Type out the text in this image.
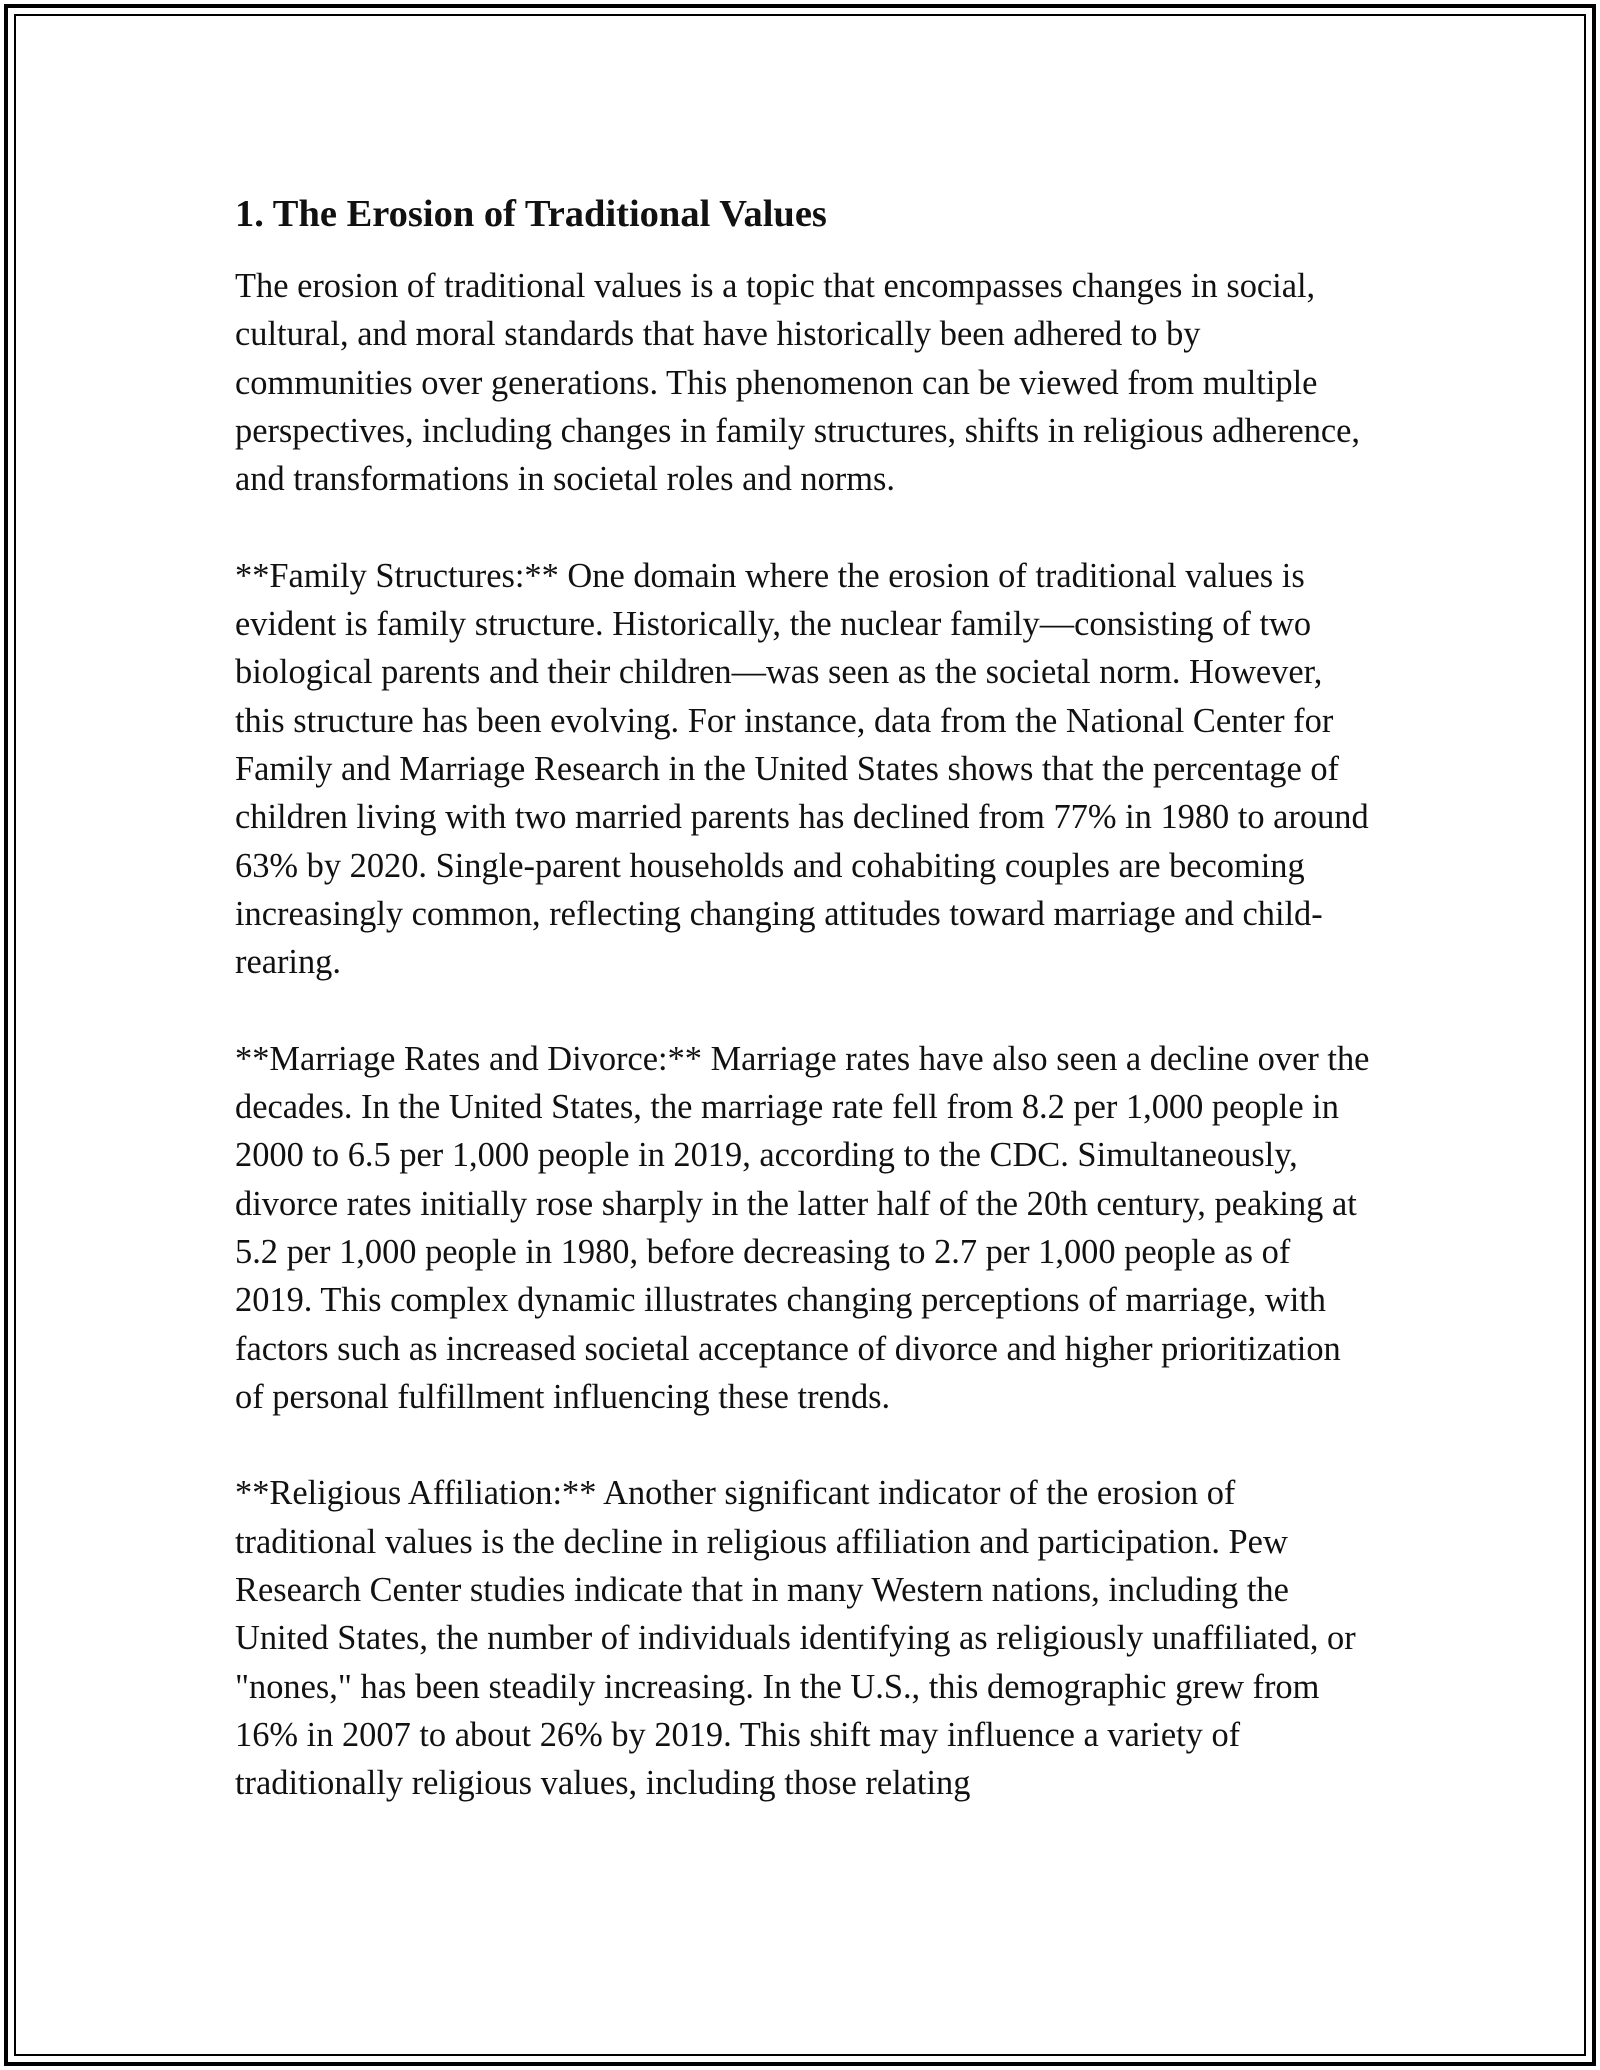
1. The Erosion of Traditional Values

The erosion of traditional values is a topic that encompasses changes in social, cultural, and moral standards that have historically been adhered to by communities over generations. This phenomenon can be viewed from multiple perspectives, including changes in family structures, shifts in religious adherence, and transformations in societal roles and norms.

**Family Structures:** One domain where the erosion of traditional values is evident is family structure. Historically, the nuclear family—consisting of two biological parents and their children—was seen as the societal norm. However, this structure has been evolving. For instance, data from the National Center for Family and Marriage Research in the United States shows that the percentage of children living with two married parents has declined from 77% in 1980 to around 63% by 2020. Single-parent households and cohabiting couples are becoming increasingly common, reflecting changing attitudes toward marriage and child-rearing.

**Marriage Rates and Divorce:** Marriage rates have also seen a decline over the decades. In the United States, the marriage rate fell from 8.2 per 1,000 people in 2000 to 6.5 per 1,000 people in 2019, according to the CDC. Simultaneously, divorce rates initially rose sharply in the latter half of the 20th century, peaking at 5.2 per 1,000 people in 1980, before decreasing to 2.7 per 1,000 people as of 2019. This complex dynamic illustrates changing perceptions of marriage, with factors such as increased societal acceptance of divorce and higher prioritization of personal fulfillment influencing these trends.

**Religious Affiliation:** Another significant indicator of the erosion of traditional values is the decline in religious affiliation and participation. Pew Research Center studies indicate that in many Western nations, including the United States, the number of individuals identifying as religiously unaffiliated, or "nones," has been steadily increasing. In the U.S., this demographic grew from 16% in 2007 to about 26% by 2019. This shift may influence a variety of traditionally religious values, including those relating
